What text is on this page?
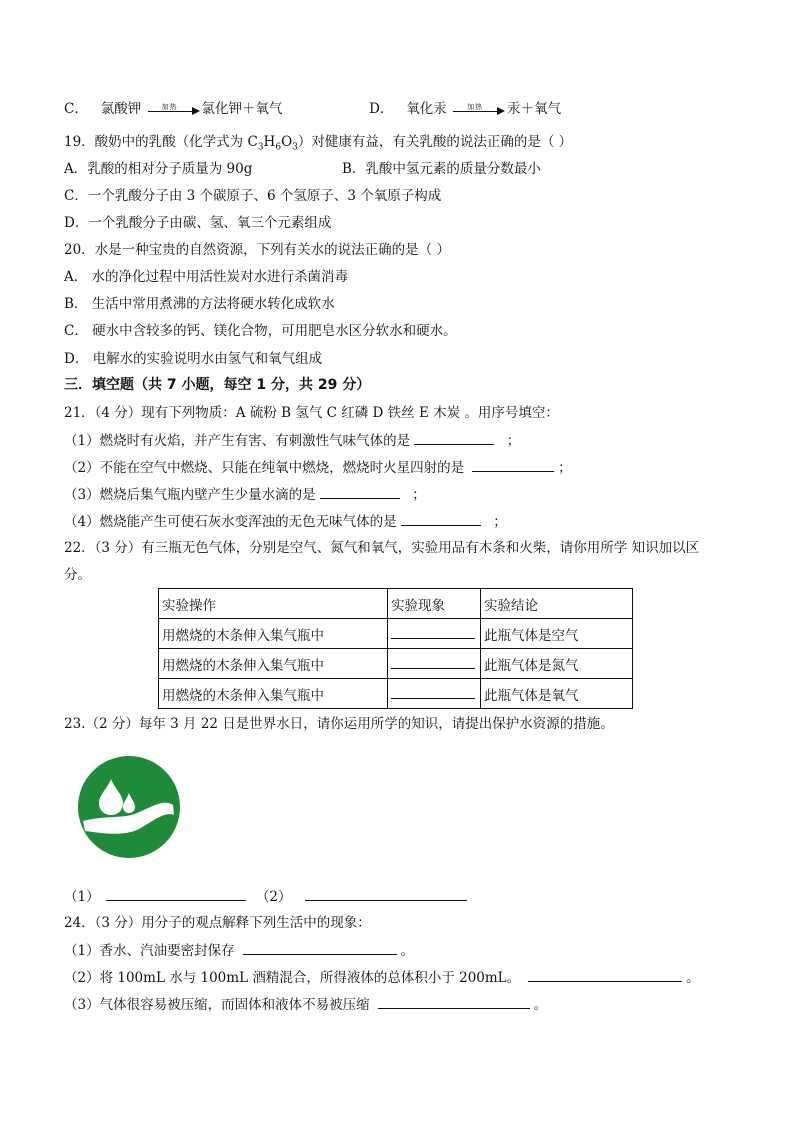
C． 氯酸钾	加热 氯化钾＋氧气	D． 氧化汞	加热 汞＋氧气
19．酸奶中的乳酸（化学式为 $C_3H_6O_3$）对健康有益，有关乳酸的说法正确的是（ ）
A．乳酸的相对分子质量为 90g	B．乳酸中氢元素的质量分数最小
C．一个乳酸分子由 3 个碳原子、6 个氢原子、3 个氧原子构成
D．一个乳酸分子由碳、氢、氧三个元素组成
20．水是一种宝贵的自然资源，下列有关水的说法正确的是（ ）
A． 水的净化过程中用活性炭对水进行杀菌消毒
B． 生活中常用煮沸的方法将硬水转化成软水
C． 硬水中含较多的钙、镁化合物，可用肥皂水区分软水和硬水。
D． 电解水的实验说明水由氢气和氧气组成
三．填空题（共 7 小题，每空 1 分，共 29 分）
21．（4 分）现有下列物质：A 硫粉 B 氢气 C 红磷 D 铁丝 E 木炭 。用序号填空：
（1）燃烧时有火焰，并产生有害、有刺激性气味气体的是	；
（2）不能在空气中燃烧、只能在纯氧中燃烧，燃烧时火星四射的是	；
（3）燃烧后集气瓶内壁产生少量水滴的是	；
（4）燃烧能产生可使石灰水变浑浊的无色无味气体的是	；
22．（3 分）有三瓶无色气体，分别是空气、氮气和氧气，实验用品有木条和火柴，请你用所学 知识加以区
分。
实验操作	实验现象	实验结论
用燃烧的木条伸入集气瓶中		此瓶气体是空气
用燃烧的木条伸入集气瓶中		此瓶气体是氮气
用燃烧的木条伸入集气瓶中		此瓶气体是氧气
23.（2 分）每年 3 月 22 日是世界水日，请你运用所学的知识，请提出保护水资源的措施。
（1）	（2）
24．（3 分）用分子的观点解释下列生活中的现象：
（1）香水、汽油要密封保存	。
（2）将 100mL 水与 100mL 酒精混合，所得液体的总体积小于 200mL。	。
（3）气体很容易被压缩，而固体和液体不易被压缩	。
